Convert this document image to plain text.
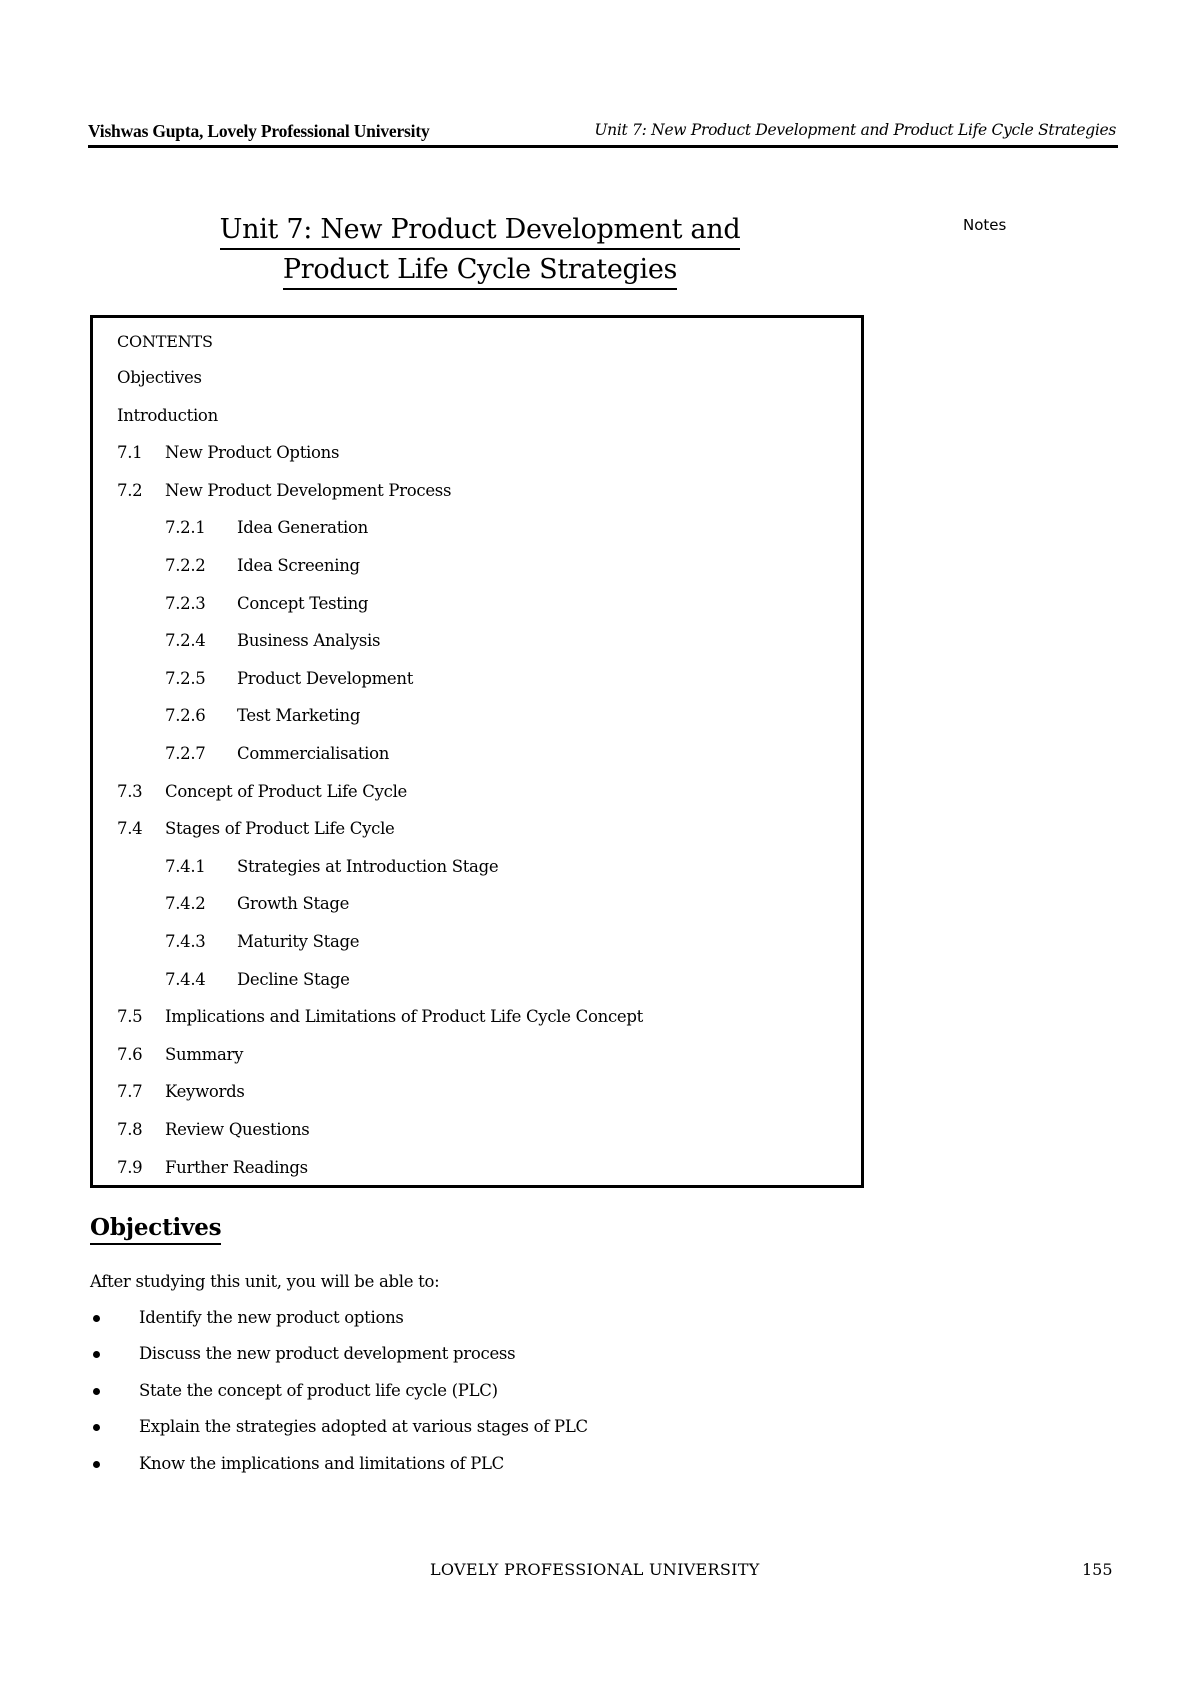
Vishwas Gupta, Lovely Professional University	Unit 7: New Product Development and Product Life Cycle Strategies
Unit 7: New Product Development and
Product Life Cycle Strategies
Notes
CONTENTS
Objectives
Introduction
7.1 New Product Options
7.2 New Product Development Process
7.2.1 Idea Generation
7.2.2 Idea Screening
7.2.3 Concept Testing
7.2.4 Business Analysis
7.2.5 Product Development
7.2.6 Test Marketing
7.2.7 Commercialisation
7.3 Concept of Product Life Cycle
7.4 Stages of Product Life Cycle
7.4.1 Strategies at Introduction Stage
7.4.2 Growth Stage
7.4.3 Maturity Stage
7.4.4 Decline Stage
7.5 Implications and Limitations of Product Life Cycle Concept
7.6 Summary
7.7 Keywords
7.8 Review Questions
7.9 Further Readings
Objectives
After studying this unit, you will be able to:
Identify the new product options
Discuss the new product development process
State the concept of product life cycle (PLC)
Explain the strategies adopted at various stages of PLC
Know the implications and limitations of PLC
LOVELY PROFESSIONAL UNIVERSITY	155
